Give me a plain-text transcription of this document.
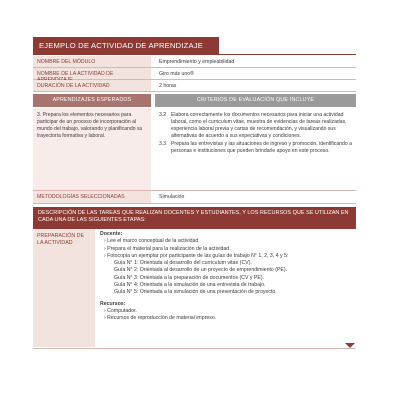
EJEMPLO DE ACTIVIDAD DE APRENDIZAJE
NOMBRE DEL MÓDULO	Emprendimiento y empleabilidad
NOMBRE DE LA ACTIVIDAD DE	Giro más uno®
DURACIÓN DE LA ACTIVIDAD	2 horas
APRENDIZAJES ESPERADOS	CRITERIOS DE EVALUACIÓN QUE INCLUYE
3. Prepara los elementos necesarios para participar de un proceso de incorporación al mundo del trabajo, valorando y planificando su trayectoria formativa y laboral.
3.2 Elabora correctamente los documentos necesarios para iniciar una actividad laboral, como el curriculum vitae, muestra de evidencias de tareas realizadas, experiencia laboral previa y cartas de recomendación, y visualizando sus alternativas de acuerdo a sus expectativas y condiciones.
3.3 Prepara las entrevistas y las situaciones de ingreso y promoción, identificando a personas e instituciones que pueden brindarle apoyo en este proceso.
METODOLOGÍAS SELECCIONADAS	Simulación
DESCRIPCIÓN DE LAS TAREAS QUE REALIZAN DOCENTES Y ESTUDIANTES, Y LOS RECURSOS QUE SE UTILIZAN EN CADA UNA DE LAS SIGUIENTES ETAPAS:
PREPARACIÓN DE LA ACTIVIDAD
Docente:
› Lee el marco conceptual de la actividad.
› Prepara el material para la realización de la actividad.
› Fotocopia un ejemplar por participante de las guías de trabajo N° 1, 2, 3, 4 y 5:
Guía N° 1: Orientada al desarrollo del curriculum vitae (CV).
Guía N° 2: Orientada al desarrollo de un proyecto de emprendimiento (PE).
Guía N° 3: Orientada a la preparación de documentos (CV y PE).
Guía N° 4: Orientada a la simulación de una entrevista de trabajo.
Guía N° 5: Orientada a la simulación de una presentación de proyecto.
Recursos:
› Computador.
› Recursos de reproducción de material impreso.
